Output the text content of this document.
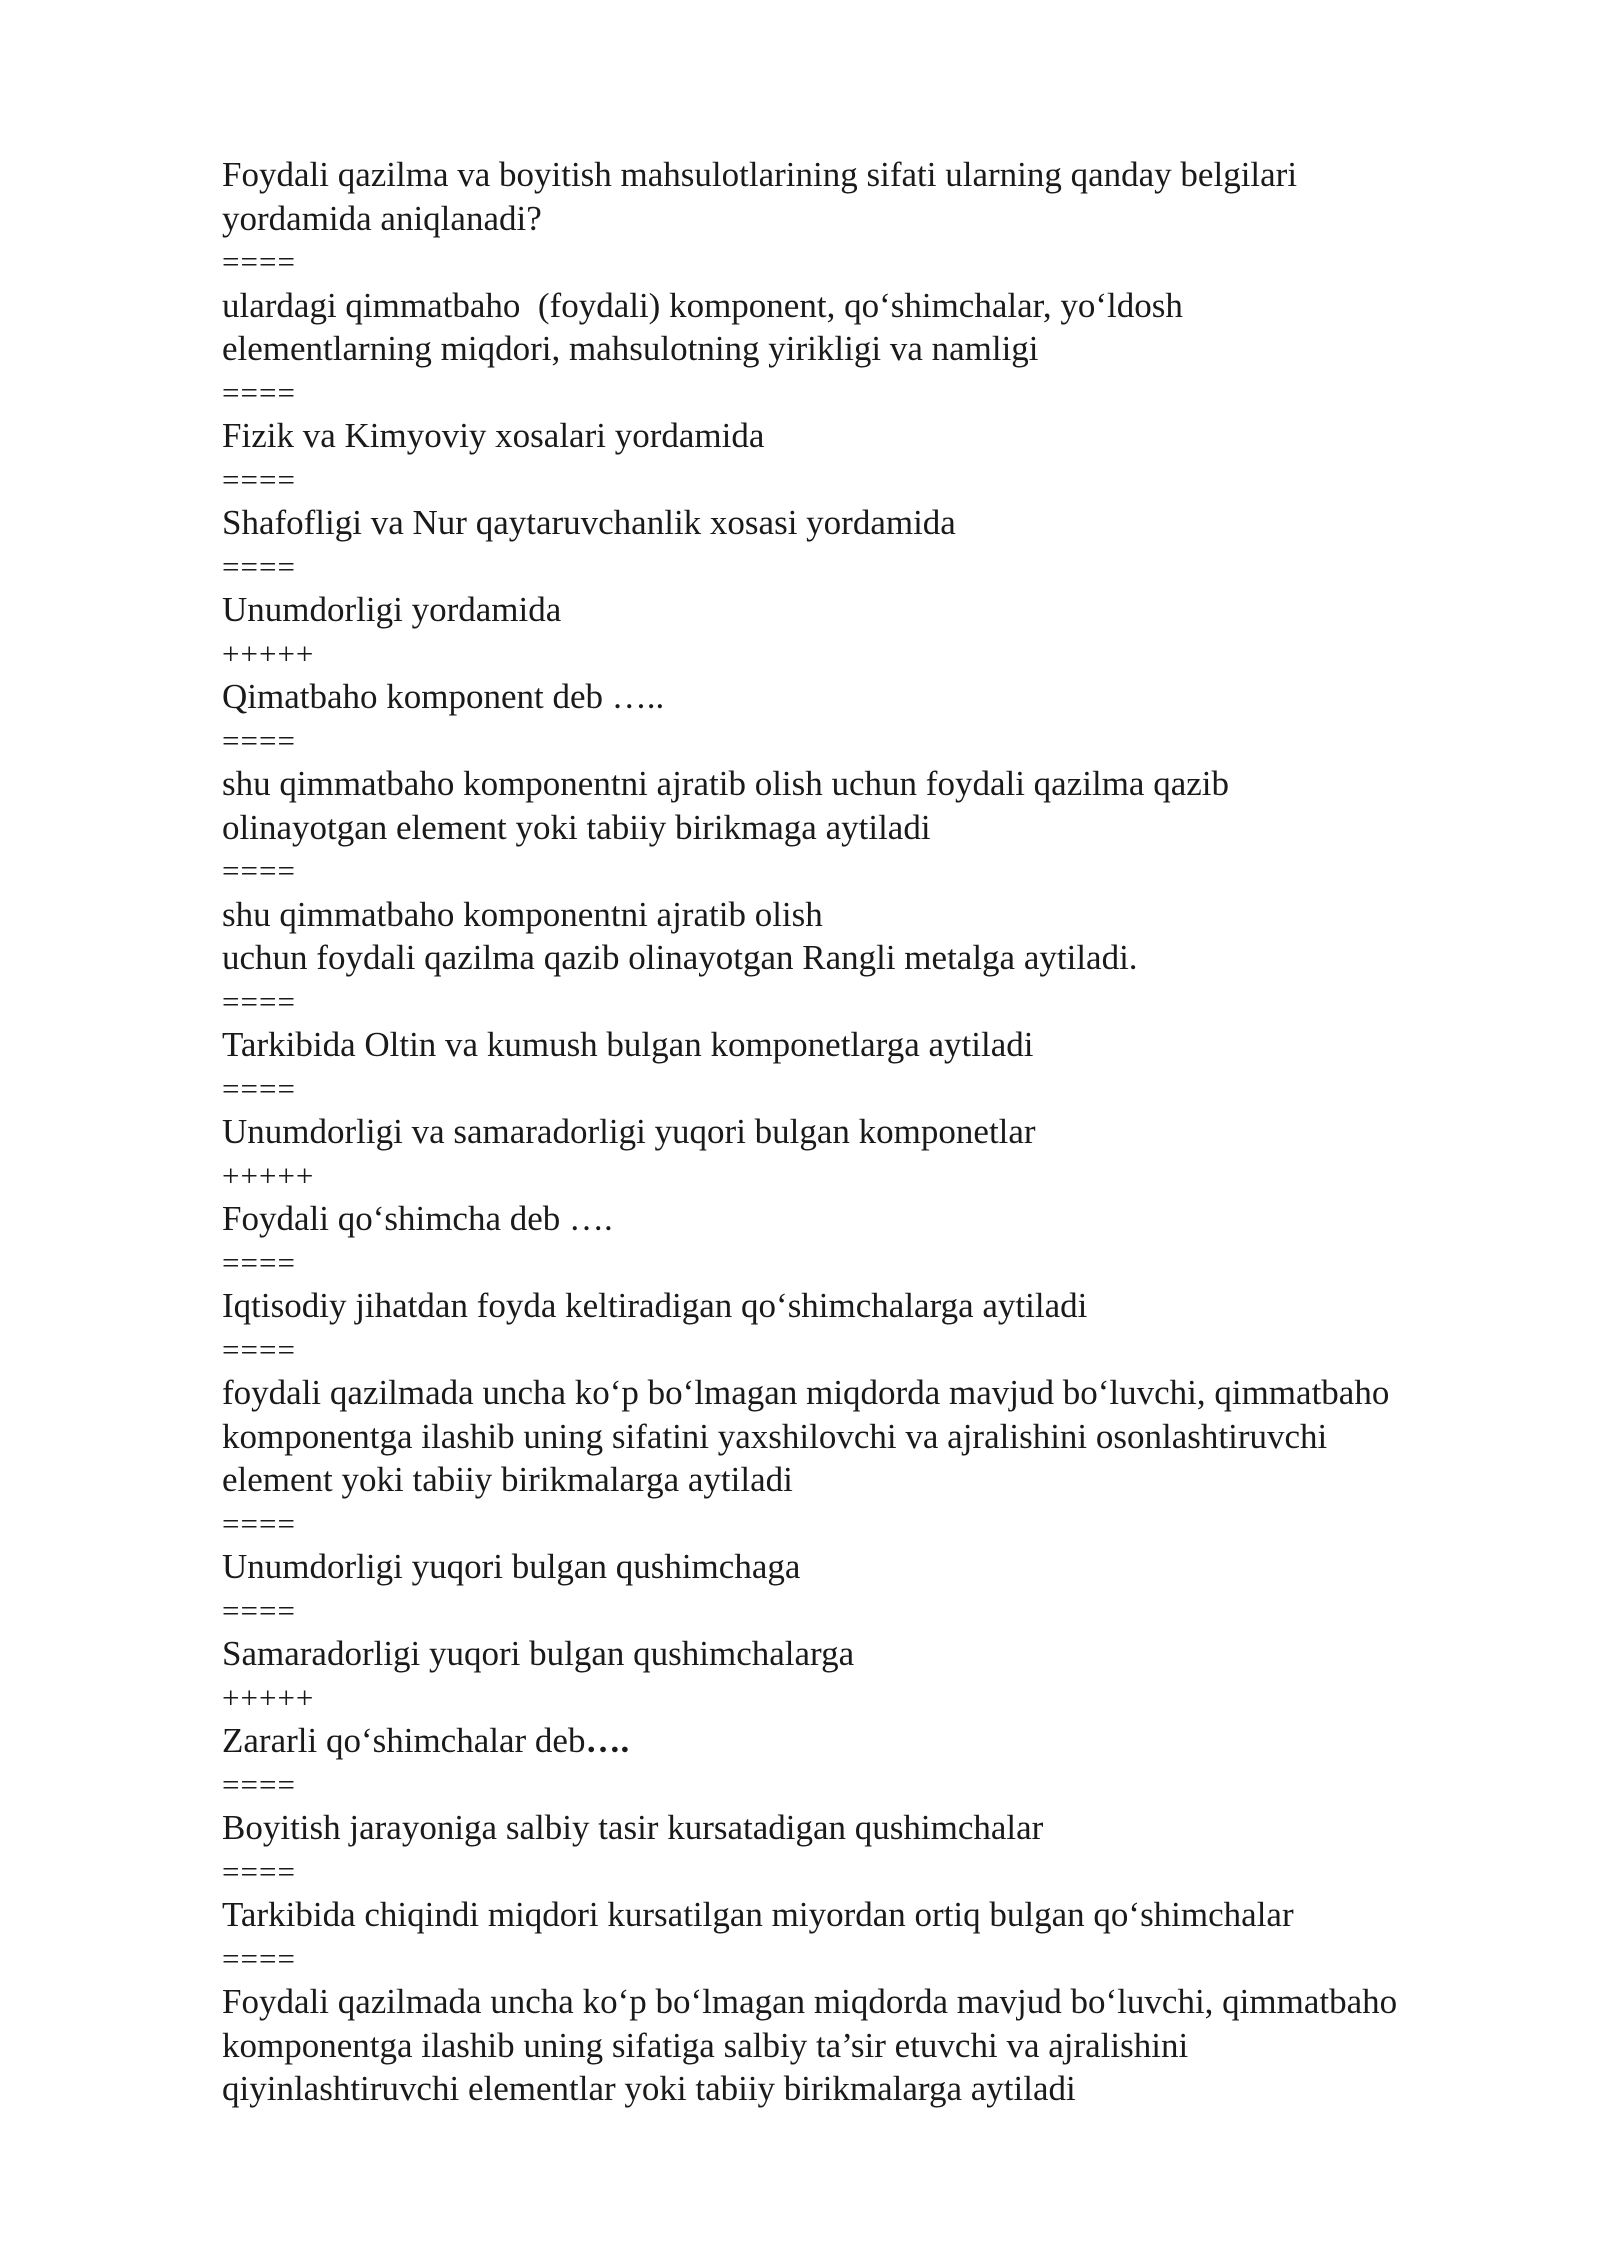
Foydali qazilma va boyitish mahsulotlarining sifati ularning qanday belgilari
yordamida aniqlanadi?
====
ulardagi qimmatbaho  (foydali) komponent, qo‘shimchalar, yo‘ldosh
elementlarning miqdori, mahsulotning yirikligi va namligi
====
Fizik va Kimyoviy xosalari yordamida
====
Shafofligi va Nur qaytaruvchanlik xosasi yordamida
====
Unumdorligi yordamida
+++++
Qimatbaho komponent deb …..
====
shu qimmatbaho komponentni ajratib olish uchun foydali qazilma qazib
olinayotgan element yoki tabiiy birikmaga aytiladi
====
shu qimmatbaho komponentni ajratib olish
uchun foydali qazilma qazib olinayotgan Rangli metalga aytiladi.
====
Tarkibida Oltin va kumush bulgan komponetlarga aytiladi
====
Unumdorligi va samaradorligi yuqori bulgan komponetlar
+++++
Foydali qo‘shimcha deb ….
====
Iqtisodiy jihatdan foyda keltiradigan qo‘shimchalarga aytiladi
====
foydali qazilmada uncha ko‘p bo‘lmagan miqdorda mavjud bo‘luvchi, qimmatbaho
komponentga ilashib uning sifatini yaxshilovchi va ajralishini osonlashtiruvchi
element yoki tabiiy birikmalarga aytiladi
====
Unumdorligi yuqori bulgan qushimchaga
====
Samaradorligi yuqori bulgan qushimchalarga
+++++
Zararli qo‘shimchalar deb….
====
Boyitish jarayoniga salbiy tasir kursatadigan qushimchalar
====
Tarkibida chiqindi miqdori kursatilgan miyordan ortiq bulgan qo‘shimchalar
====
Foydali qazilmada uncha ko‘p bo‘lmagan miqdorda mavjud bo‘luvchi, qimmatbaho
komponentga ilashib uning sifatiga salbiy ta’sir etuvchi va ajralishini
qiyinlashtiruvchi elementlar yoki tabiiy birikmalarga aytiladi
